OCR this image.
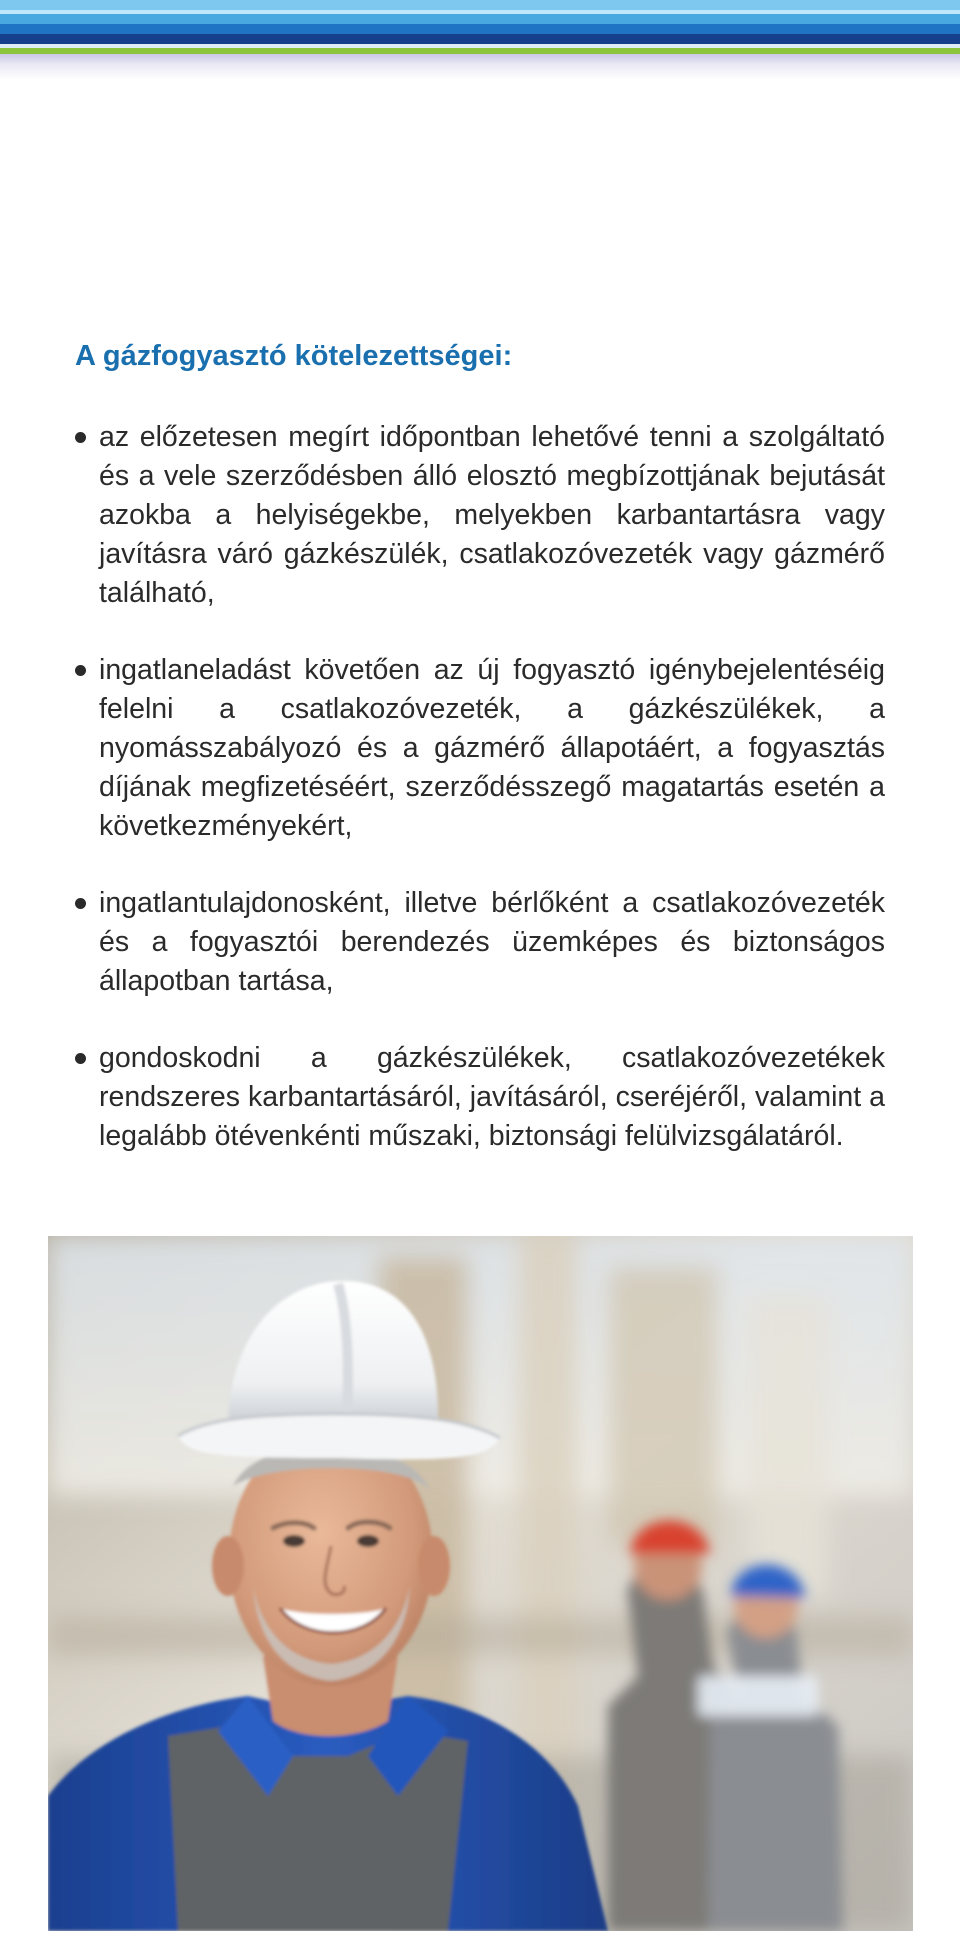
A gázfogyasztó kötelezettségei:
az előzetesen megírt időpontban lehetővé tenni a szolgáltató és a vele szerződésben álló elosztó megbízottjának bejutását azokba a helyiségekbe, melyekben karbantartásra vagy javításra váró gázkészülék, csatlakozóvezeték vagy gázmérő található,
ingatlaneladást követően az új fogyasztó igénybejelentéséig felelni a csatlakozóvezeték, a gázkészülékek, a nyomásszabályozó és a gázmérő állapotáért, a fogyasztás díjának megfizetéséért, szerződésszegő magatartás esetén a következményekért,
ingatlantulajdonosként, illetve bérlőként a csatlakozóvezeték és a fogyasztói berendezés üzemképes és biztonságos állapotban tartása,
gondoskodni a gázkészülékek, csatlakozóvezetékek rendszeres karbantartásáról, javításáról, cseréjéről, valamint a legalább ötévenkénti műszaki, biztonsági felülvizsgálatáról.
